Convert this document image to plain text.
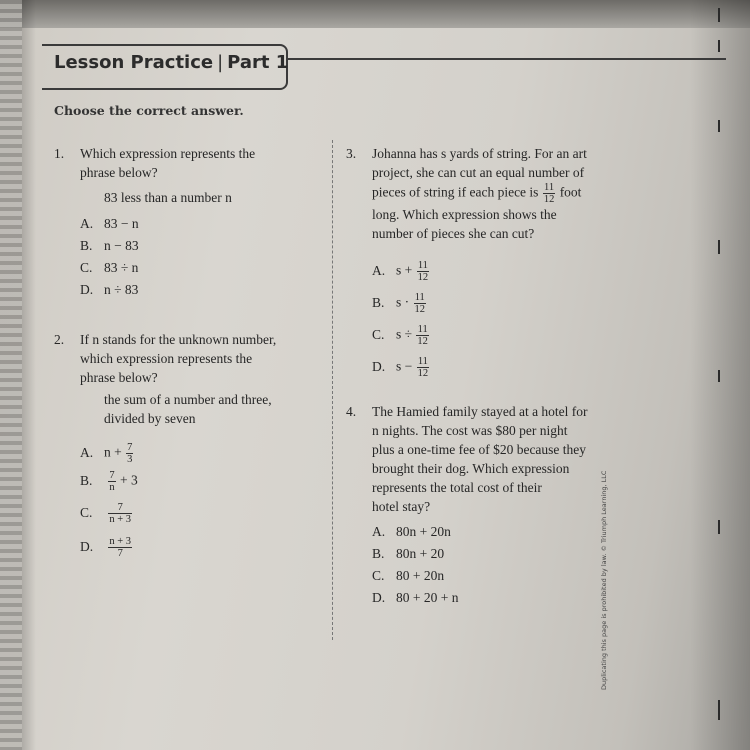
Lesson Practice | Part 1
Choose the correct answer.
1. Which expression represents the
phrase below?
83 less than a number n
A. 83 − n
B. n − 83
C. 83 ÷ n
D. n ÷ 83
2. If n stands for the unknown number,
which expression represents the
phrase below?
the sum of a number and three,
divided by seven
A. $n + \frac{7}{3}$
B. $\frac{7}{n} + 3$
C. $\frac{7}{n + 3}$
D. $\frac{n + 3}{7}$
3. Johanna has s yards of string. For an art
project, she can cut an equal number of
pieces of string if each piece is $\frac{11}{12}$ foot
long. Which expression shows the
number of pieces she can cut?
A. $s + \frac{11}{12}$
B. $s \cdot \frac{11}{12}$
C. $s \div \frac{11}{12}$
D. $s - \frac{11}{12}$
4. The Hamied family stayed at a hotel for
n nights. The cost was $80 per night
plus a one-time fee of $20 because they
brought their dog. Which expression
represents the total cost of their
hotel stay?
A. 80n + 20n
B. 80n + 20
C. 80 + 20n
D. 80 + 20 + n	Duplicating this page is prohibited by law. © Triumph Learning, LLC
